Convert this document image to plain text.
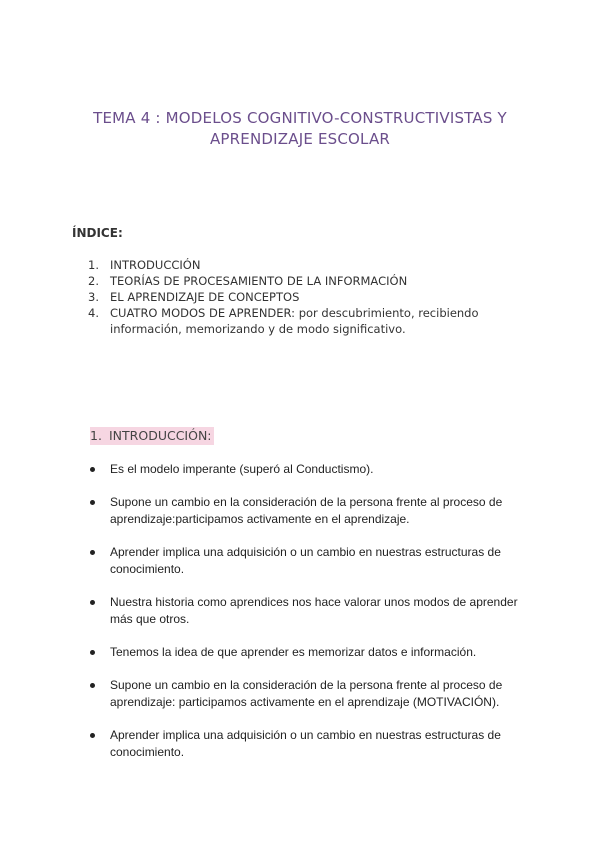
TEMA 4 : MODELOS COGNITIVO-CONSTRUCTIVISTAS Y
APRENDIZAJE ESCOLAR
ÍNDICE:
1. INTRODUCCIÓN
2. TEORÍAS DE PROCESAMIENTO DE LA INFORMACIÓN
3. EL APRENDIZAJE DE CONCEPTOS
4. CUATRO MODOS DE APRENDER: por descubrimiento, recibiendo información, memorizando y de modo significativo.
1. INTRODUCCIÓN:
Es el modelo imperante (superó al Conductismo).
Supone un cambio en la consideración de la persona frente al proceso de aprendizaje:participamos activamente en el aprendizaje.
Aprender implica una adquisición o un cambio en nuestras estructuras de conocimiento.
Nuestra historia como aprendices nos hace valorar unos modos de aprender más que otros.
Tenemos la idea de que aprender es memorizar datos e información.
Supone un cambio en la consideración de la persona frente al proceso de aprendizaje: participamos activamente en el aprendizaje (MOTIVACIÓN).
Aprender implica una adquisición o un cambio en nuestras estructuras de conocimiento.
